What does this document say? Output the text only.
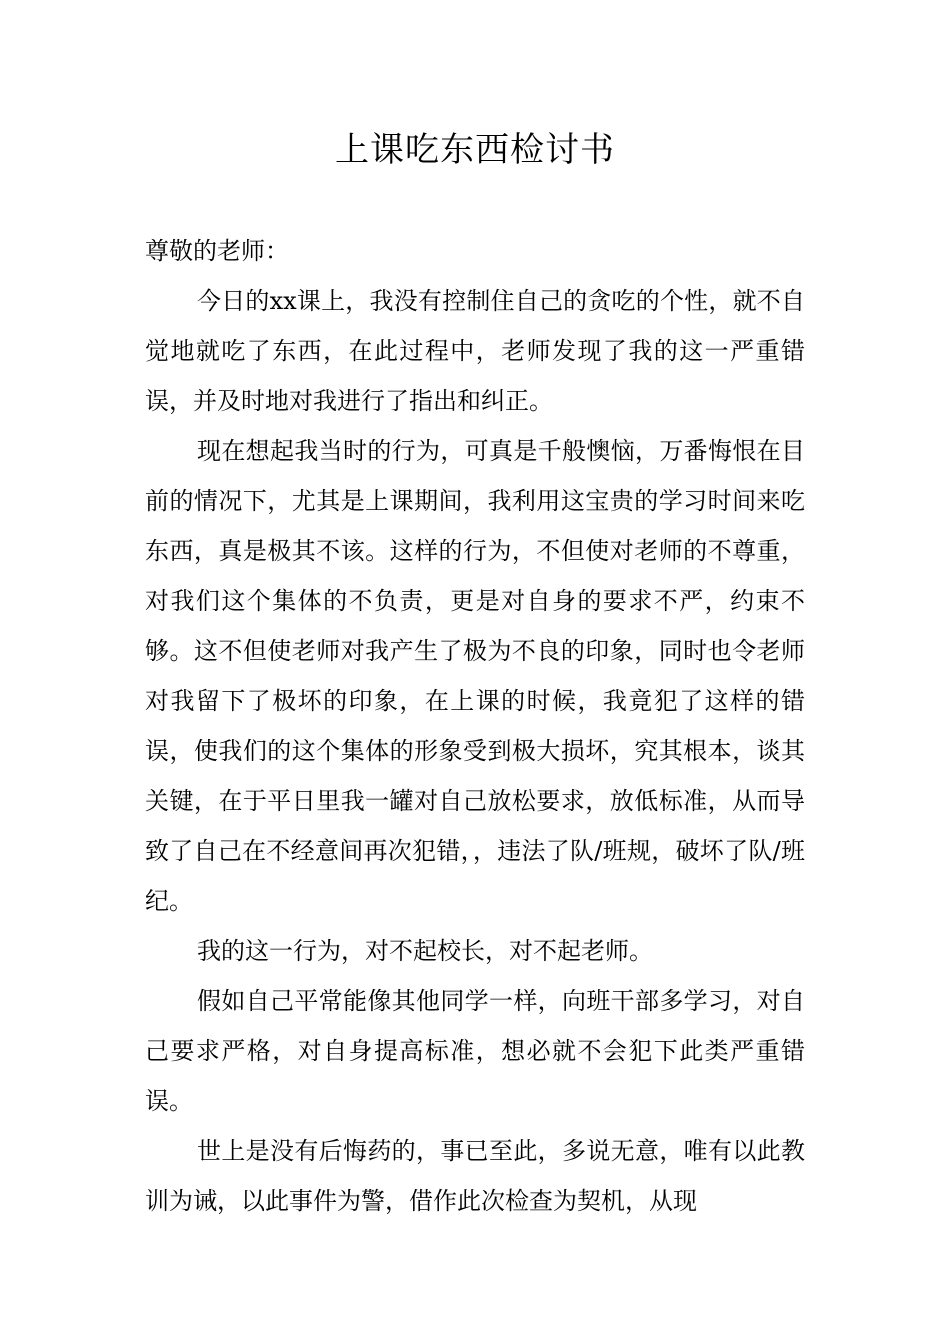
上课吃东西检讨书

尊敬的老师：

今日的xx课上，我没有控制住自己的贪吃的个性，就不自觉地就吃了东西，在此过程中，老师发现了我的这一严重错误，并及时地对我进行了指出和纠正。

现在想起我当时的行为，可真是千般懊恼，万番悔恨在目前的情况下，尤其是上课期间，我利用这宝贵的学习时间来吃东西，真是极其不该。这样的行为，不但使对老师的不尊重，对我们这个集体的不负责，更是对自身的要求不严，约束不够。这不但使老师对我产生了极为不良的印象，同时也令老师对我留下了极坏的印象，在上课的时候，我竟犯了这样的错误，使我们的这个集体的形象受到极大损坏，究其根本，谈其关键，在于平日里我一罐对自己放松要求，放低标准，从而导致了自己在不经意间再次犯错，，违法了队/班规，破坏了队/班纪。

我的这一行为，对不起校长，对不起老师。

假如自己平常能像其他同学一样，向班干部多学习，对自己要求严格，对自身提高标准，想必就不会犯下此类严重错误。

世上是没有后悔药的，事已至此，多说无意，唯有以此教训为诫，以此事件为警，借作此次检查为契机，从现
